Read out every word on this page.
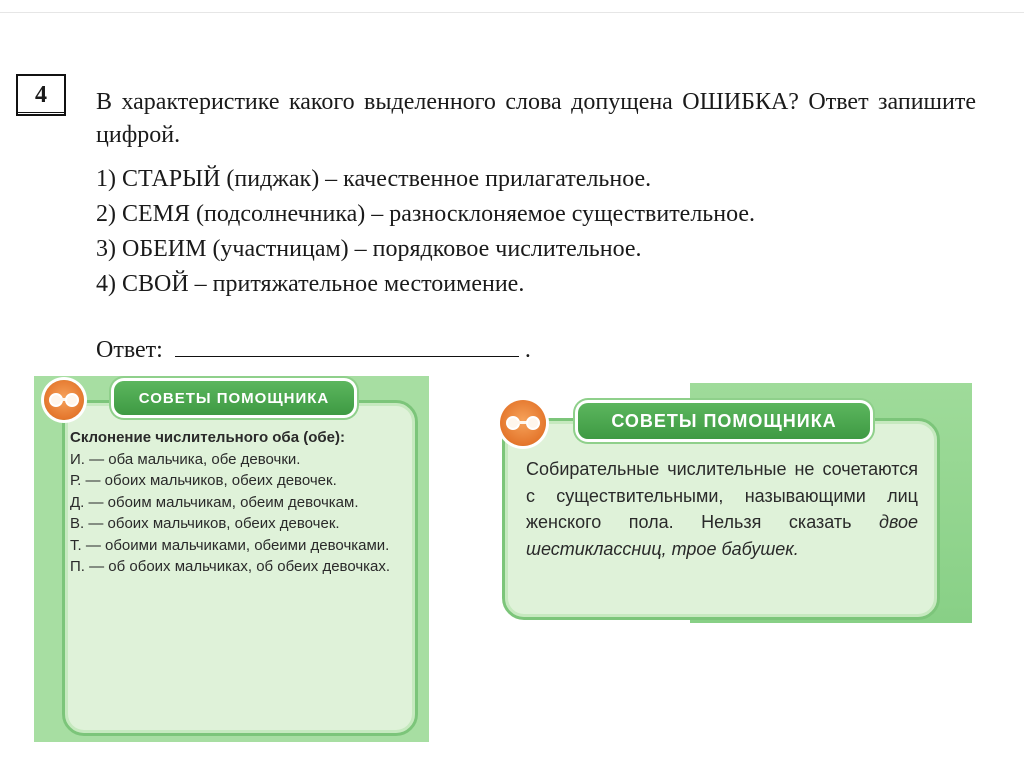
4 В характеристике какого выделенного слова допущена ОШИБКА? Ответ запишите цифрой.
1) СТАРЫЙ (пиджак) – качественное прилагательное.
2) СЕМЯ (подсолнечника) – разносклоняемое существительное.
3) ОБЕИМ (участницам) – порядковое числительное.
4) СВОЙ – притяжательное местоимение.
Ответ:	.
СОВЕТЫ ПОМОЩНИКА
Склонение числительного оба (обе):
И. — оба мальчика, обе девочки.
Р. — обоих мальчиков, обеих девочек.
Д. — обоим мальчикам, обеим девочкам.
В. — обоих мальчиков, обеих девочек.
Т. — обоими мальчиками, обеими девочками.
П. — об обоих мальчиках, об обеих девочках.
СОВЕТЫ ПОМОЩНИКА
Собирательные числительные не сочетаются с существительными, называющими лиц женского пола. Нельзя сказать двое шестиклассниц, трое бабушек.
